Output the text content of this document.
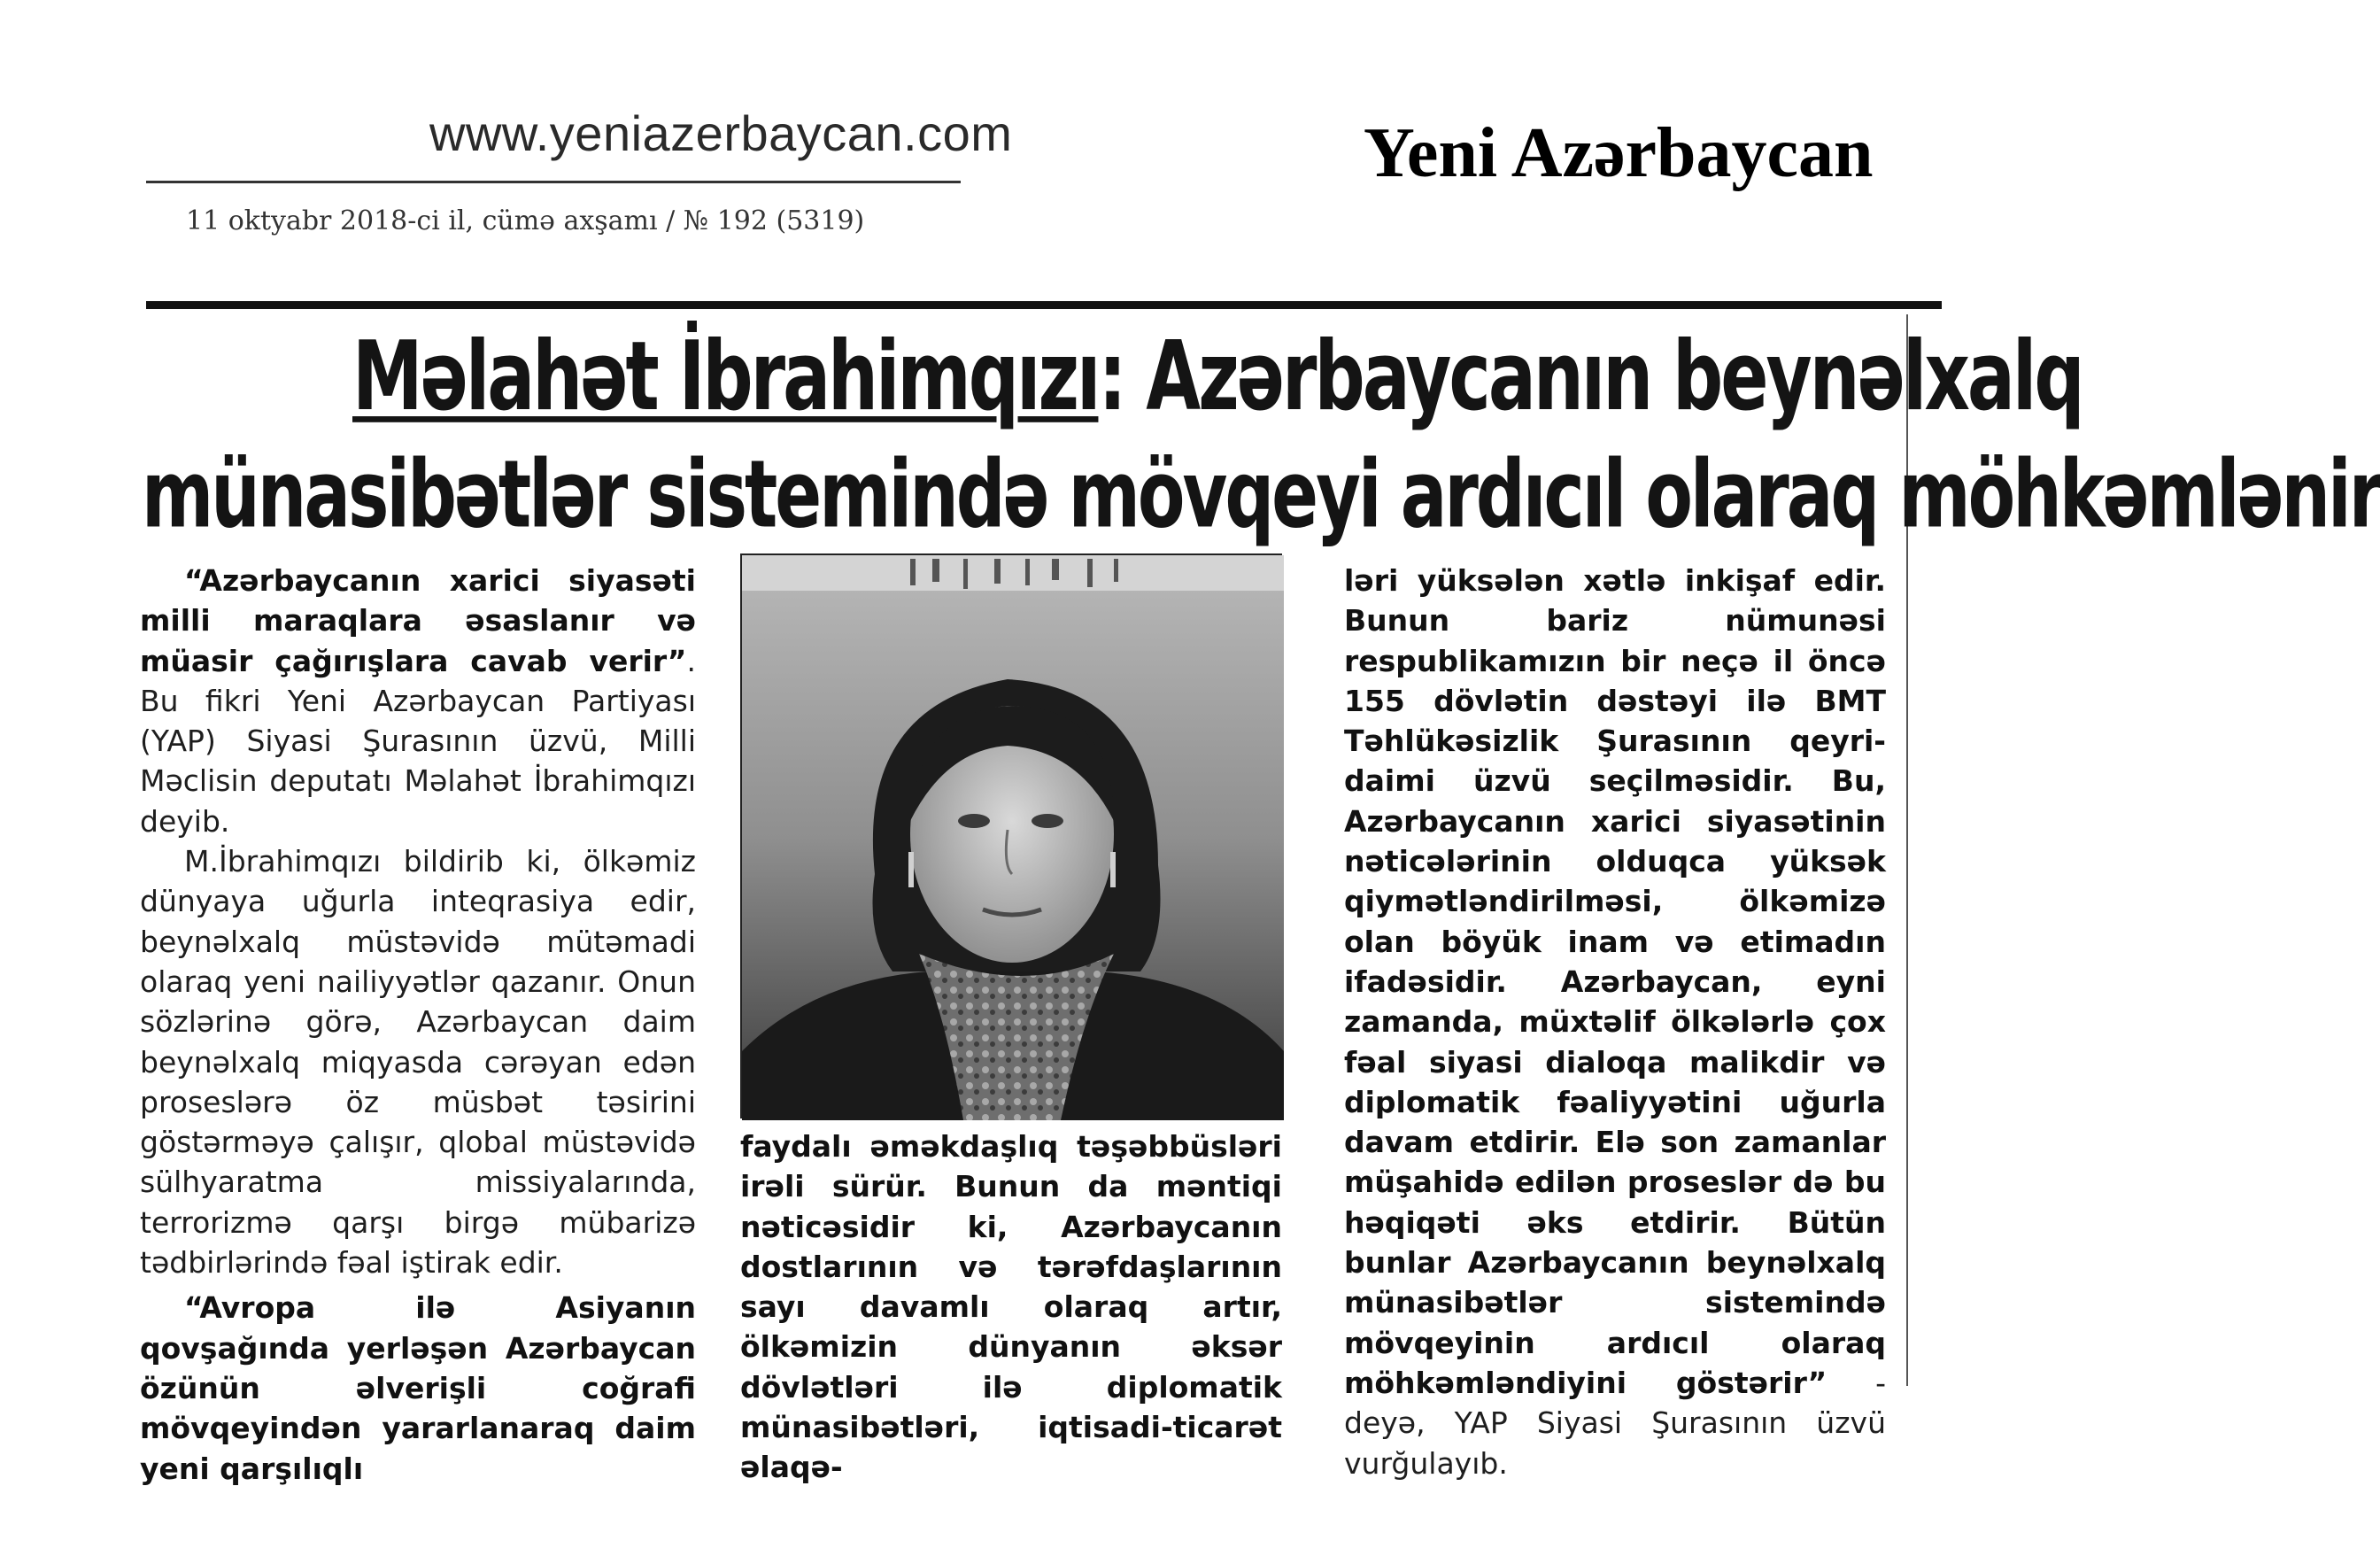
www.yeniazerbaycan.com
11 oktyabr 2018-ci il, cümə axşamı / № 192 (5319)
Yeni Azərbaycan
Məlahət İbrahimqızı: Azərbaycanın beynəlxalq
münasibətlər sistemində mövqeyi ardıcıl olaraq möhkəmlənir

“Azərbaycanın xarici siyasəti milli maraqlara əsaslanır və müasir çağırışlara cavab verir”. Bu fikri Yeni Azərbaycan Partiyası (YAP) Siyasi Şurasının üzvü, Milli Məclisin deputatı Məlahət İbrahimqızı deyib.

M.İbrahimqızı bildirib ki, ölkəmiz dünyaya uğurla inteqrasiya edir, beynəlxalq müstəvidə mütəmadi olaraq yeni nailiyyətlər qazanır. Onun sözlərinə görə, Azərbaycan daim beynəlxalq miqyasda cərəyan edən proseslərə öz müsbət təsirini göstərməyə çalışır, qlobal müstəvidə sülhyaratma missiyalarında, terrorizmə qarşı birgə mübarizə tədbirlərində fəal iştirak edir.

“Avropa ilə Asiyanın qovşağında yerləşən Azərbaycan özünün əlverişli coğrafi mövqeyindən yararlanaraq daim yeni qarşılıqlı

faydalı əməkdaşlıq təşəbbüsləri irəli sürür. Bunun da məntiqi nəticəsidir ki, Azərbaycanın dostlarının və tərəfdaşlarının sayı davamlı olaraq artır, ölkəmizin dünyanın əksər dövlətləri ilə diplomatik münasibətləri, iqtisadi-ticarət əlaqə-

ləri yüksələn xətlə inkişaf edir. Bunun bariz nümunəsi respublikamızın bir neçə il öncə 155 dövlətin dəstəyi ilə BMT Təhlükəsizlik Şurasının qeyri-daimi üzvü seçilməsidir. Bu, Azərbaycanın xarici siyasətinin nəticələrinin olduqca yüksək qiymətləndirilməsi, ölkəmizə olan böyük inam və etimadın ifadəsidir. Azərbaycan, eyni zamanda, müxtəlif ölkələrlə çox fəal siyasi dialoqa malikdir və diplomatik fəaliyyətini uğurla davam etdirir. Elə son zamanlar müşahidə edilən proseslər də bu həqiqəti əks etdirir. Bütün bunlar Azərbaycanın beynəlxalq münasibətlər sistemində mövqeyinin ardıcıl olaraq möhkəmləndiyini göstərir” - deyə, YAP Siyasi Şurasının üzvü vurğulayıb.
